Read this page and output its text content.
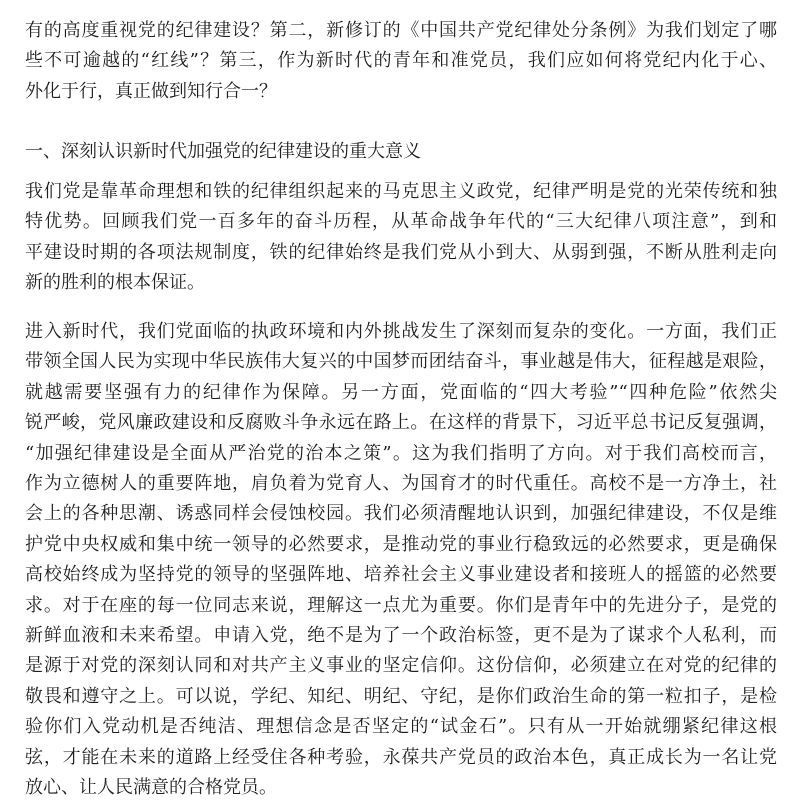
有的高度重视党的纪律建设？第二，新修订的《中国共产党纪律处分条例》为我们划定了哪
些不可逾越的“红线”？第三，作为新时代的青年和准党员，我们应如何将党纪内化于心、
外化于行，真正做到知行合一？
一、深刻认识新时代加强党的纪律建设的重大意义
我们党是靠革命理想和铁的纪律组织起来的马克思主义政党，纪律严明是党的光荣传统和独
特优势。回顾我们党一百多年的奋斗历程，从革命战争年代的“三大纪律八项注意”，到和
平建设时期的各项法规制度，铁的纪律始终是我们党从小到大、从弱到强，不断从胜利走向
新的胜利的根本保证。
进入新时代，我们党面临的执政环境和内外挑战发生了深刻而复杂的变化。一方面，我们正
带领全国人民为实现中华民族伟大复兴的中国梦而团结奋斗，事业越是伟大，征程越是艰险，
就越需要坚强有力的纪律作为保障。另一方面，党面临的“四大考验”“四种危险”依然尖
锐严峻，党风廉政建设和反腐败斗争永远在路上。在这样的背景下，习近平总书记反复强调，
“加强纪律建设是全面从严治党的治本之策”。这为我们指明了方向。对于我们高校而言，
作为立德树人的重要阵地，肩负着为党育人、为国育才的时代重任。高校不是一方净土，社
会上的各种思潮、诱惑同样会侵蚀校园。我们必须清醒地认识到，加强纪律建设，不仅是维
护党中央权威和集中统一领导的必然要求，是推动党的事业行稳致远的必然要求，更是确保
高校始终成为坚持党的领导的坚强阵地、培养社会主义事业建设者和接班人的摇篮的必然要
求。对于在座的每一位同志来说，理解这一点尤为重要。你们是青年中的先进分子，是党的
新鲜血液和未来希望。申请入党，绝不是为了一个政治标签，更不是为了谋求个人私利，而
是源于对党的深刻认同和对共产主义事业的坚定信仰。这份信仰，必须建立在对党的纪律的
敬畏和遵守之上。可以说，学纪、知纪、明纪、守纪，是你们政治生命的第一粒扣子，是检
验你们入党动机是否纯洁、理想信念是否坚定的“试金石”。只有从一开始就绷紧纪律这根
弦，才能在未来的道路上经受住各种考验，永葆共产党员的政治本色，真正成长为一名让党
放心、让人民满意的合格党员。
